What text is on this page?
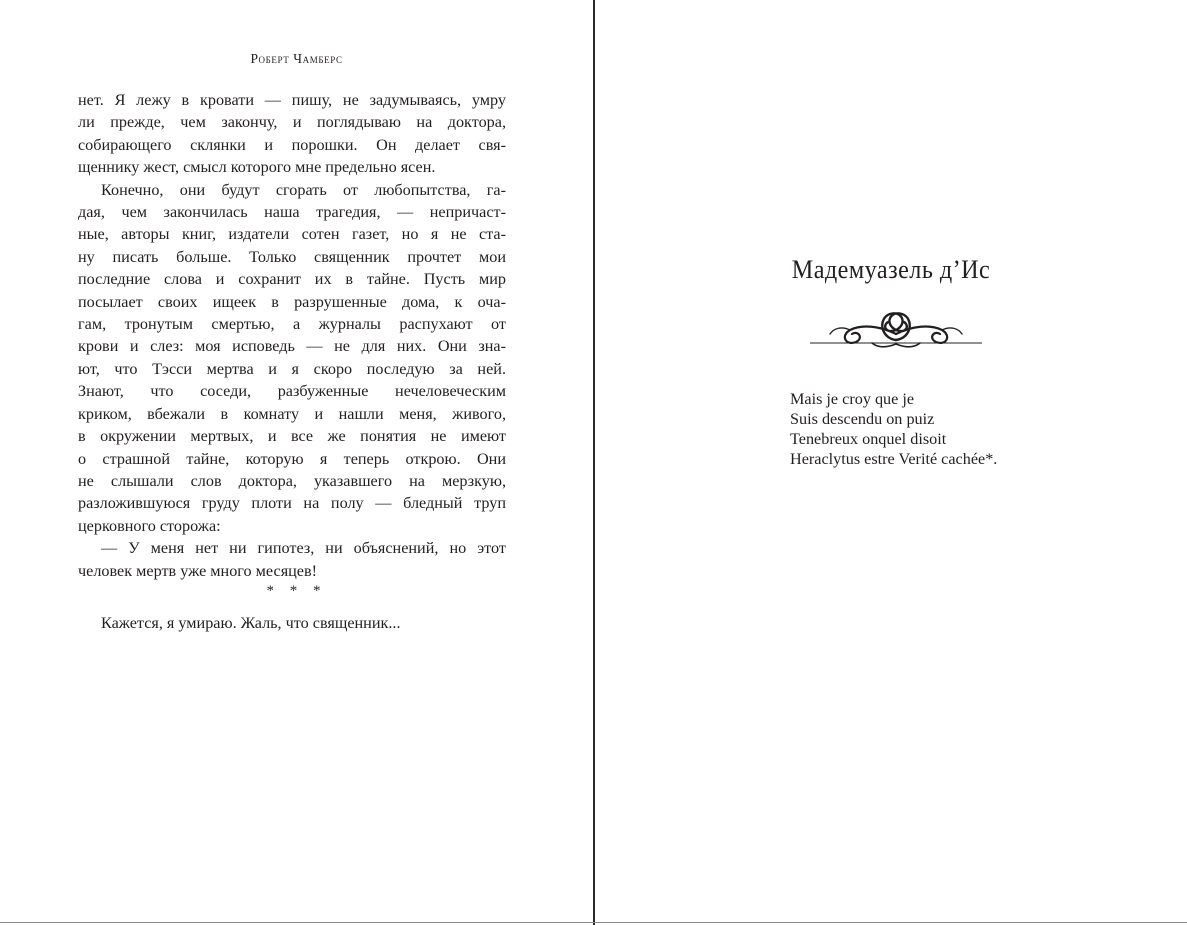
Роберт Чамберс
нет. Я лежу в кровати — пишу, не задумываясь, умру
ли прежде, чем закончу, и поглядываю на доктора,
собирающего склянки и порошки. Он делает свя-
щеннику жест, смысл которого мне предельно ясен.
Конечно, они будут сгорать от любопытства, га-
дая, чем закончилась наша трагедия, — непричаст-
ные, авторы книг, издатели сотен газет, но я не ста-
ну писать больше. Только священник прочтет мои
последние слова и сохранит их в тайне. Пусть мир
посылает своих ищеек в разрушенные дома, к оча-
гам, тронутым смертью, а журналы распухают от
крови и слез: моя исповедь — не для них. Они зна-
ют, что Тэсси мертва и я скоро последую за ней.
Знают, что соседи, разбуженные нечеловеческим
криком, вбежали в комнату и нашли меня, живого,
в окружении мертвых, и все же понятия не имеют
о страшной тайне, которую я теперь открою. Они
не слышали слов доктора, указавшего на мерзкую,
разложившуюся груду плоти на полу — бледный труп
церковного сторожа:
— У меня нет ни гипотез, ни объяснений, но этот
человек мертв уже много месяцев!
* * *
Кажется, я умираю. Жаль, что священник...
Мадемуазель д’Ис
Mais je croy que je
Suis descendu on puiz
Tenebreux onquel disoit
Heraclytus estre Verité cachée*.
